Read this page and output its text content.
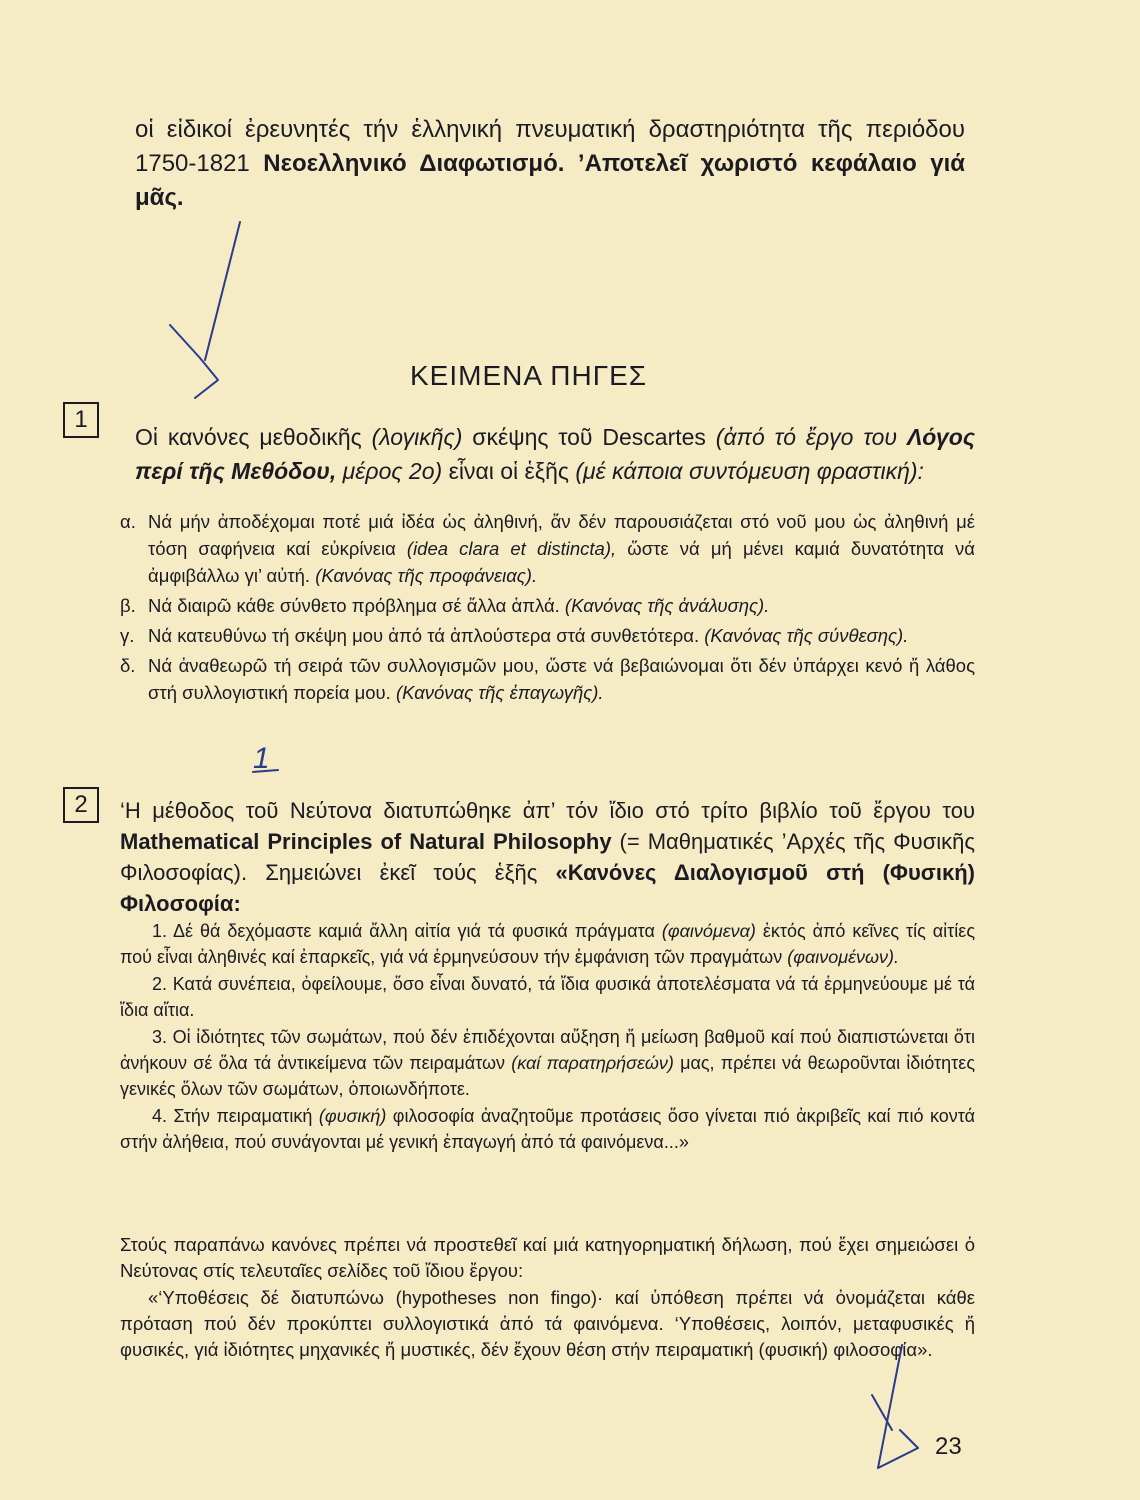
οἱ εἰδικοί ἐρευνητές τήν ἑλληνική πνευματική δραστηριότητα τῆς περιόδου 1750-1821 Νεοελληνικό Διαφωτισμό. ’Αποτελεῖ χωριστό κεφάλαιο γιά μᾶς.

ΚΕΙΜΕΝΑ ΠΗΓΕΣ
1

Οἱ κανόνες μεθοδικῆς (λογικῆς) σκέψης τοῦ Descartes (ἀπό τό ἔργο του Λόγος περί τῆς Μεθόδου, μέρος 2ο) εἶναι οἱ ἑξῆς (μέ κάποια συντόμευση φραστική):

α. Νά μήν ἀποδέχομαι ποτέ μιά ἰδέα ὡς ἀληθινή, ἄν δέν παρουσιάζεται στό νοῦ μου ὡς ἀληθινή μέ τόση σαφήνεια καί εὐκρίνεια (idea clara et distincta), ὥστε νά μή μένει καμιά δυνατότητα νά ἀμφιβάλλω γι’ αὐτή. (Κανόνας τῆς προφάνειας).
β. Νά διαιρῶ κάθε σύνθετο πρόβλημα σέ ἄλλα ἁπλά. (Κανόνας τῆς ἀνάλυσης).
γ. Νά κατευθύνω τή σκέψη μου ἀπό τά ἁπλούστερα στά συνθετότερα. (Κανόνας τῆς σύνθεσης).
δ. Νά ἀναθεωρῶ τή σειρά τῶν συλλογισμῶν μου, ὥστε νά βεβαιώνομαι ὅτι δέν ὑπάρχει κενό ἤ λάθος στή συλλογιστική πορεία μου. (Κανόνας τῆς ἐπαγωγῆς).
1
2	‘Η μέθοδος τοῦ Νεύτονα διατυπώθηκε ἀπ’ τόν ἴδιο στό τρίτο βιβλίο τοῦ ἔργου του Mathematical Principles of Natural Philosophy (= Μαθηματικές ’Αρχές τῆς Φυσικῆς Φιλοσοφίας). Σημειώνει ἐκεῖ τούς ἑξῆς «Κανόνες Διαλογισμοῦ στή (Φυσική) Φιλοσοφία:

1. Δέ θά δεχόμαστε καμιά ἄλλη αἰτία γιά τά φυσικά πράγματα (φαινόμενα) ἐκτός ἀπό κεῖνες τίς αἰτίες πού εἶναι ἀληθινές καί ἐπαρκεῖς, γιά νά ἑρμηνεύσουν τήν ἐμφάνιση τῶν πραγμάτων (φαινομένων).

2. Κατά συνέπεια, ὀφείλουμε, ὅσο εἶναι δυνατό, τά ἴδια φυσικά ἀποτελέσματα νά τά ἑρμηνεύουμε μέ τά ἴδια αἴτια.

3. Οἱ ἰδιότητες τῶν σωμάτων, πού δέν ἐπιδέχονται αὔξηση ἤ μείωση βαθμοῦ καί πού διαπιστώνεται ὅτι ἀνήκουν σέ ὅλα τά ἀντικείμενα τῶν πειραμάτων (καί παρατηρήσεών) μας, πρέπει νά θεωροῦνται ἰδιότητες γενικές ὅλων τῶν σωμάτων, ὁποιωνδήποτε.

4. Στήν πειραματική (φυσική) φιλοσοφία ἀναζητοῦμε προτάσεις ὅσο γίνεται πιό ἀκριβεῖς καί πιό κοντά στήν ἀλήθεια, πού συνάγονται μέ γενική ἐπαγωγή ἀπό τά φαινόμενα...»

Στούς παραπάνω κανόνες πρέπει νά προστεθεῖ καί μιά κατηγορηματική δήλωση, πού ἔχει σημειώσει ὁ Νεύτονας στίς τελευταῖες σελίδες τοῦ ἴδιου ἔργου:

«‘Υποθέσεις δέ διατυπώνω (hypotheses non fingo)· καί ὑπόθεση πρέπει νά ὀνομάζεται κάθε πρόταση πού δέν προκύπτει συλλογιστικά ἀπό τά φαινόμενα. ‘Υποθέσεις, λοιπόν, μεταφυσικές ἤ φυσικές, γιά ἰδιότητες μηχανικές ἤ μυστικές, δέν ἔχουν θέση στήν πειραματική (φυσική) φιλοσοφία».

23
